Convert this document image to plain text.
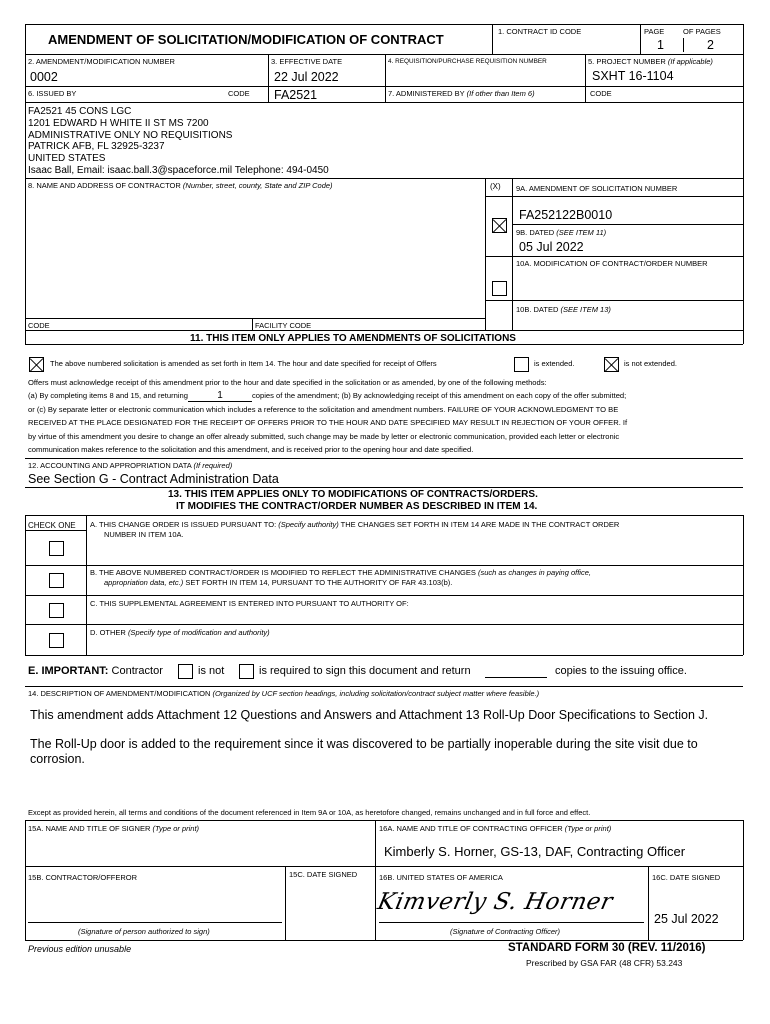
AMENDMENT OF SOLICITATION/MODIFICATION OF CONTRACT
1. CONTRACT ID CODE	PAGE OF PAGES
1	2
2. AMENDMENT/MODIFICATION NUMBER
0002
3. EFFECTIVE DATE
22 Jul 2022
4. REQUISITION/PURCHASE REQUISITION NUMBER	5. PROJECT NUMBER (If applicable)
SXHT 16-1104
6. ISSUED BY	CODE FA2521	7. ADMINISTERED BY (If other than Item 6)	CODE
FA2521 45 CONS LGC
1201 EDWARD H WHITE II ST MS 7200
ADMINISTRATIVE ONLY NO REQUISITIONS
PATRICK AFB, FL 32925-3237
UNITED STATES
Isaac Ball, Email: isaac.ball.3@spaceforce.mil Telephone: 494-0450
8. NAME AND ADDRESS OF CONTRACTOR (Number, street, county, State and ZIP Code)	(X) 9A. AMENDMENT OF SOLICITATION NUMBER
FA252122B0010
9B. DATED (SEE ITEM 11)
05 Jul 2022
10A. MODIFICATION OF CONTRACT/ORDER NUMBER
10B. DATED (SEE ITEM 13)
CODE	FACILITY CODE
11. THIS ITEM ONLY APPLIES TO AMENDMENTS OF SOLICITATIONS
The above numbered solicitation is amended as set forth in Item 14. The hour and date specified for receipt of Offers	is extended.	is not extended.
Offers must acknowledge receipt of this amendment prior to the hour and date specified in the solicitation or as amended, by one of the following methods:
(a) By completing items 8 and 15, and returning	1	copies of the amendment; (b) By acknowledging receipt of this amendment on each copy of the offer submitted;
or (c) By separate letter or electronic communication which includes a reference to the solicitation and amendment numbers. FAILURE OF YOUR ACKNOWLEDGMENT TO BE
RECEIVED AT THE PLACE DESIGNATED FOR THE RECEIPT OF OFFERS PRIOR TO THE HOUR AND DATE SPECIFIED MAY RESULT IN REJECTION OF YOUR OFFER. If
by virtue of this amendment you desire to change an offer already submitted, such change may be made by letter or electronic communication, provided each letter or electronic
communication makes reference to the solicitation and this amendment, and is received prior to the opening hour and date specified.
12. ACCOUNTING AND APPROPRIATION DATA (If required)
See Section G - Contract Administration Data
13. THIS ITEM APPLIES ONLY TO MODIFICATIONS OF CONTRACTS/ORDERS.
IT MODIFIES THE CONTRACT/ORDER NUMBER AS DESCRIBED IN ITEM 14.
CHECK ONE A. THIS CHANGE ORDER IS ISSUED PURSUANT TO: (Specify authority) THE CHANGES SET FORTH IN ITEM 14 ARE MADE IN THE CONTRACT ORDER
NUMBER IN ITEM 10A.
B. THE ABOVE NUMBERED CONTRACT/ORDER IS MODIFIED TO REFLECT THE ADMINISTRATIVE CHANGES (such as changes in paying office,
appropriation data, etc.) SET FORTH IN ITEM 14, PURSUANT TO THE AUTHORITY OF FAR 43.103(b).
C. THIS SUPPLEMENTAL AGREEMENT IS ENTERED INTO PURSUANT TO AUTHORITY OF:
D. OTHER (Specify type of modification and authority)
E. IMPORTANT: Contractor	is not	is required to sign this document and return	copies to the issuing office.
14. DESCRIPTION OF AMENDMENT/MODIFICATION (Organized by UCF section headings, including solicitation/contract subject matter where feasible.)
This amendment adds Attachment 12 Questions and Answers and Attachment 13 Roll-Up Door Specifications to Section J.
The Roll-Up door is added to the requirement since it was discovered to be partially inoperable during the site visit due to
corrosion.
Except as provided herein, all terms and conditions of the document referenced in Item 9A or 10A, as heretofore changed, remains unchanged and in full force and effect.
15A. NAME AND TITLE OF SIGNER (Type or print)	16A. NAME AND TITLE OF CONTRACTING OFFICER (Type or print)
Kimberly S. Horner, GS-13, DAF, Contracting Officer
15B. CONTRACTOR/OFFEROR	15C. DATE SIGNED	16B. UNITED STATES OF AMERICA	16C. DATE SIGNED
(Signature of person authorized to sign)	(Signature of Contracting Officer)
Kimverly S. Horner
25 Jul 2022
Previous edition unusable	STANDARD FORM 30 (REV. 11/2016)
Prescribed by GSA FAR (48 CFR) 53.243
